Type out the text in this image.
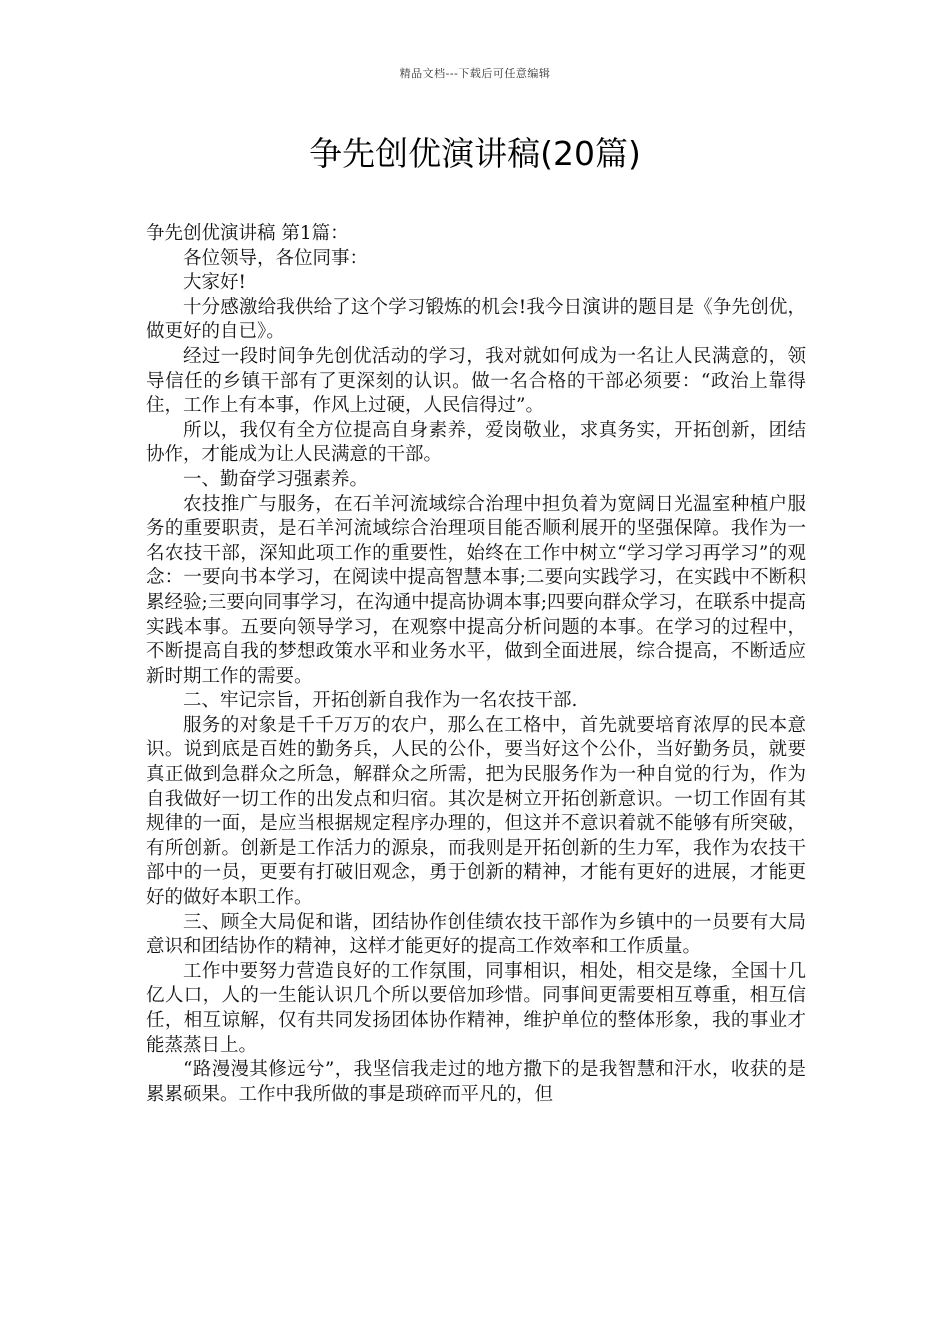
精品文档---下载后可任意编辑
争先创优演讲稿(20篇)

争先创优演讲稿 第1篇：

各位领导，各位同事：

大家好!

十分感激给我供给了这个学习锻炼的机会!我今日演讲的题目是《争先创优，做更好的自已》。

经过一段时间争先创优活动的学习，我对就如何成为一名让人民满意的，领导信任的乡镇干部有了更深刻的认识。做一名合格的干部必须要：“政治上靠得住，工作上有本事，作风上过硬，人民信得过”。

所以，我仅有全方位提高自身素养，爱岗敬业，求真务实，开拓创新，团结协作，才能成为让人民满意的干部。

一、勤奋学习强素养。

农技推广与服务，在石羊河流域综合治理中担负着为宽阔日光温室种植户服务的重要职责，是石羊河流域综合治理项目能否顺利展开的坚强保障。我作为一名农技干部，深知此项工作的重要性，始终在工作中树立“学习学习再学习”的观念：一要向书本学习，在阅读中提高智慧本事;二要向实践学习，在实践中不断积累经验;三要向同事学习，在沟通中提高协调本事;四要向群众学习，在联系中提高实践本事。五要向领导学习，在观察中提高分析问题的本事。在学习的过程中，不断提高自我的梦想政策水平和业务水平，做到全面进展，综合提高，不断适应新时期工作的需要。

二、牢记宗旨，开拓创新自我作为一名农技干部.

服务的对象是千千万万的农户，那么在工格中，首先就要培育浓厚的民本意识。说到底是百姓的勤务兵，人民的公仆，要当好这个公仆，当好勤务员，就要真正做到急群众之所急，解群众之所需，把为民服务作为一种自觉的行为，作为自我做好一切工作的出发点和归宿。其次是树立开拓创新意识。一切工作固有其规律的一面，是应当根据规定程序办理的，但这并不意识着就不能够有所突破，有所创新。创新是工作活力的源泉，而我则是开拓创新的生力军，我作为农技干部中的一员，更要有打破旧观念，勇于创新的精神，才能有更好的进展，才能更好的做好本职工作。

三、顾全大局促和谐，团结协作创佳绩农技干部作为乡镇中的一员要有大局意识和团结协作的精神，这样才能更好的提高工作效率和工作质量。

工作中要努力营造良好的工作氛围，同事相识，相处，相交是缘，全国十几亿人口，人的一生能认识几个所以要倍加珍惜。同事间更需要相互尊重，相互信任，相互谅解，仅有共同发扬团体协作精神，维护单位的整体形象，我的事业才能蒸蒸日上。

“路漫漫其修远兮”，我坚信我走过的地方撒下的是我智慧和汗水，收获的是累累硕果。工作中我所做的事是琐碎而平凡的，但
